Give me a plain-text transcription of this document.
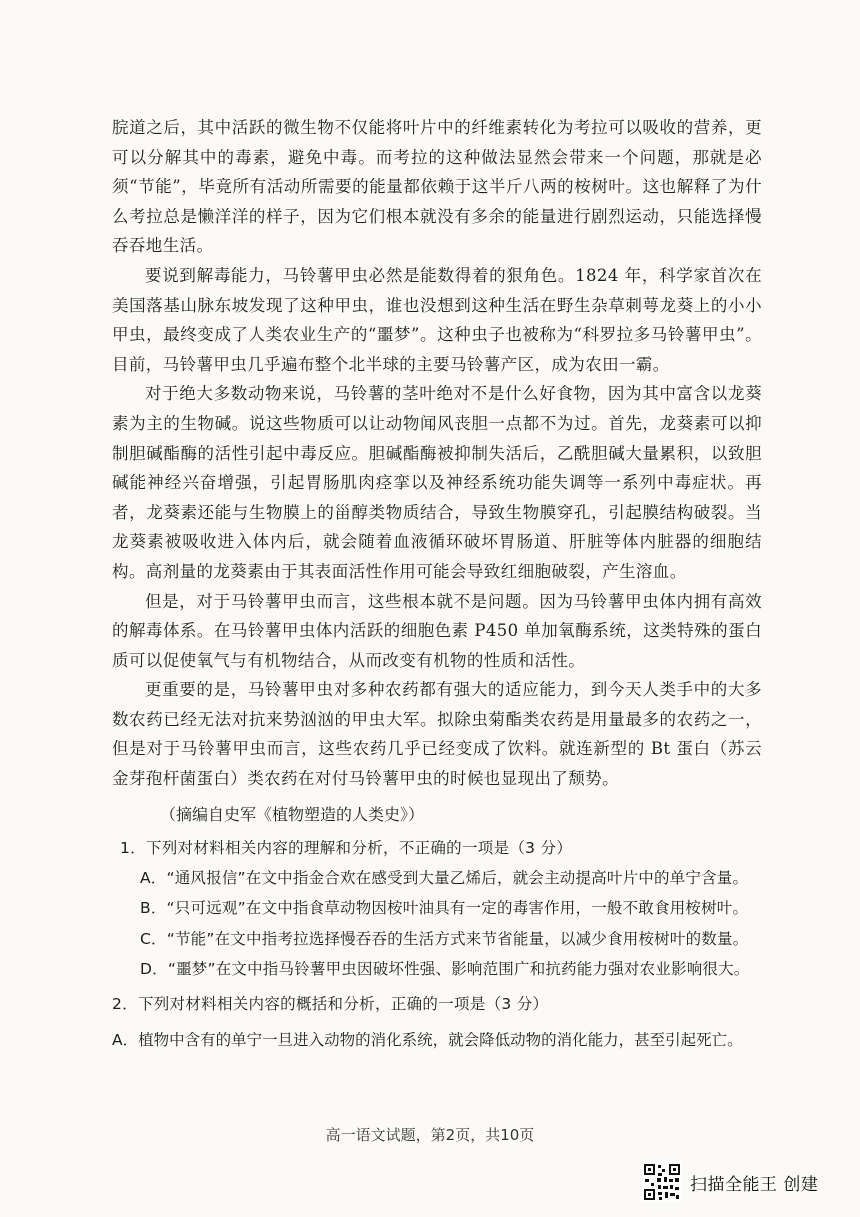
脘道之后，其中活跃的微生物不仅能将叶片中的纤维素转化为考拉可以吸收的营养，更可以分解其中的毒素，避免中毒。而考拉的这种做法显然会带来一个问题，那就是必须“节能”，毕竟所有活动所需要的能量都依赖于这半斤八两的桉树叶。这也解释了为什么考拉总是懒洋洋的样子，因为它们根本就没有多余的能量进行剧烈运动，只能选择慢吞吞地生活。

要说到解毒能力，马铃薯甲虫必然是能数得着的狠角色。1824 年，科学家首次在美国落基山脉东坡发现了这种甲虫，谁也没想到这种生活在野生杂草刺萼龙葵上的小小甲虫，最终变成了人类农业生产的“噩梦”。这种虫子也被称为“科罗拉多马铃薯甲虫”。目前，马铃薯甲虫几乎遍布整个北半球的主要马铃薯产区，成为农田一霸。

对于绝大多数动物来说，马铃薯的茎叶绝对不是什么好食物，因为其中富含以龙葵素为主的生物碱。说这些物质可以让动物闻风丧胆一点都不为过。首先，龙葵素可以抑制胆碱酯酶的活性引起中毒反应。胆碱酯酶被抑制失活后，乙酰胆碱大量累积，以致胆碱能神经兴奋增强，引起胃肠肌肉痉挛以及神经系统功能失调等一系列中毒症状。再者，龙葵素还能与生物膜上的甾醇类物质结合，导致生物膜穿孔，引起膜结构破裂。当龙葵素被吸收进入体内后，就会随着血液循环破坏胃肠道、肝脏等体内脏器的细胞结构。高剂量的龙葵素由于其表面活性作用可能会导致红细胞破裂，产生溶血。

但是，对于马铃薯甲虫而言，这些根本就不是问题。因为马铃薯甲虫体内拥有高效的解毒体系。在马铃薯甲虫体内活跃的细胞色素 P450 单加氧酶系统，这类特殊的蛋白质可以促使氧气与有机物结合，从而改变有机物的性质和活性。

更重要的是，马铃薯甲虫对多种农药都有强大的适应能力，到今天人类手中的大多数农药已经无法对抗来势汹汹的甲虫大军。拟除虫菊酯类农药是用量最多的农药之一，但是对于马铃薯甲虫而言，这些农药几乎已经变成了饮料。就连新型的 Bt 蛋白（苏云金芽孢杆菌蛋白）类农药在对付马铃薯甲虫的时候也显现出了颓势。

（摘编自史军《植物塑造的人类史》）

1．下列对材料相关内容的理解和分析，不正确的一项是（3 分）
A．“通风报信”在文中指金合欢在感受到大量乙烯后，就会主动提高叶片中的单宁含量。
B．“只可远观”在文中指食草动物因桉叶油具有一定的毒害作用，一般不敢食用桉树叶。
C．“节能”在文中指考拉选择慢吞吞的生活方式来节省能量，以减少食用桉树叶的数量。
D．“噩梦”在文中指马铃薯甲虫因破坏性强、影响范围广和抗药能力强对农业影响很大。
2．下列对材料相关内容的概括和分析，正确的一项是（3 分）
A．植物中含有的单宁一旦进入动物的消化系统，就会降低动物的消化能力，甚至引起死亡。
高一语文试题，第2页，共10页
扫描全能王 创建
